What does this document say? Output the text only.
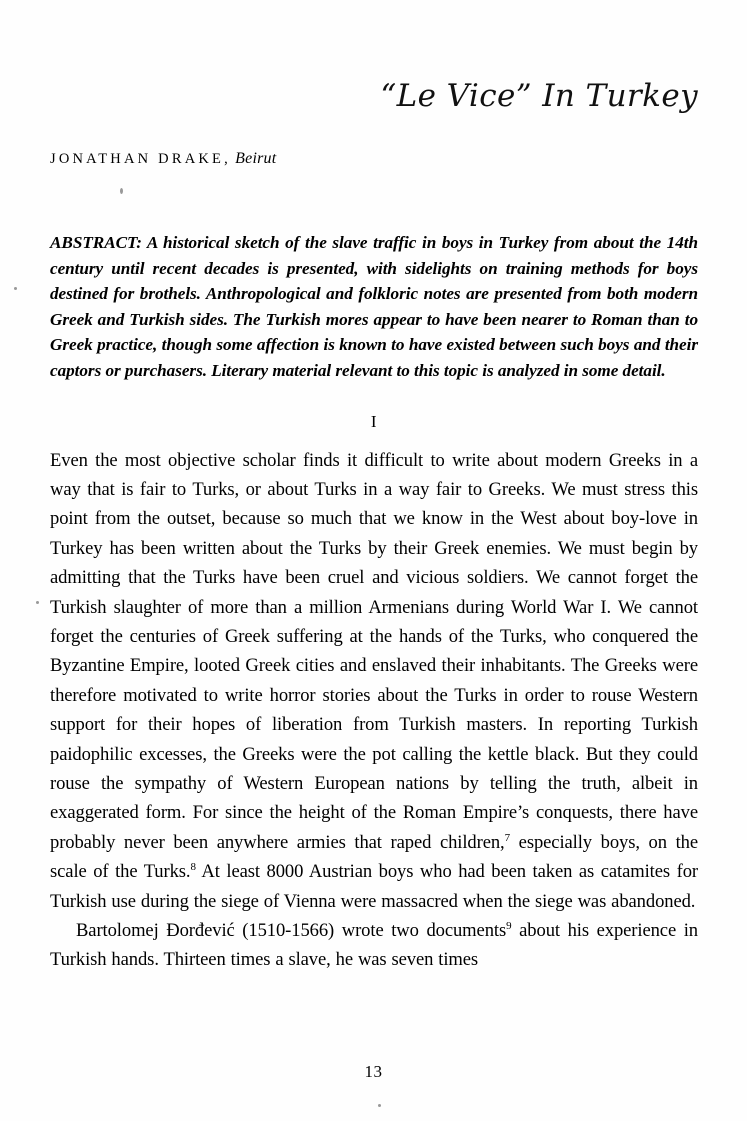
“Le Vice” In Turkey
JONATHAN DRAKE, Beirut
ABSTRACT: A historical sketch of the slave traffic in boys in Turkey from about the 14th century until recent decades is presented, with sidelights on training methods for boys destined for brothels. Anthropological and folkloric notes are presented from both modern Greek and Turkish sides. The Turkish mores appear to have been nearer to Roman than to Greek practice, though some affection is known to have existed between such boys and their captors or purchasers. Literary material relevant to this topic is analyzed in some detail.
I

Even the most objective scholar finds it difficult to write about modern Greeks in a way that is fair to Turks, or about Turks in a way fair to Greeks. We must stress this point from the outset, because so much that we know in the West about boy-love in Turkey has been written about the Turks by their Greek enemies. We must begin by admitting that the Turks have been cruel and vicious soldiers. We cannot forget the Turkish slaughter of more than a million Armenians during World War I. We cannot forget the centuries of Greek suffering at the hands of the Turks, who conquered the Byzantine Empire, looted Greek cities and enslaved their inhabitants. The Greeks were therefore motivated to write horror stories about the Turks in order to rouse Western support for their hopes of liberation from Turkish masters. In reporting Turkish paidophilic excesses, the Greeks were the pot calling the kettle black. But they could rouse the sympathy of Western European nations by telling the truth, albeit in exaggerated form. For since the height of the Roman Empire’s conquests, there have probably never been anywhere armies that raped children,$^7$ especially boys, on the scale of the Turks.$^8$ At least 8000 Austrian boys who had been taken as catamites for Turkish use during the siege of Vienna were massacred when the siege was abandoned.

Bartolomej Đorđević (1510-1566) wrote two documents$^9$ about his experience in Turkish hands. Thirteen times a slave, he was seven times

13
